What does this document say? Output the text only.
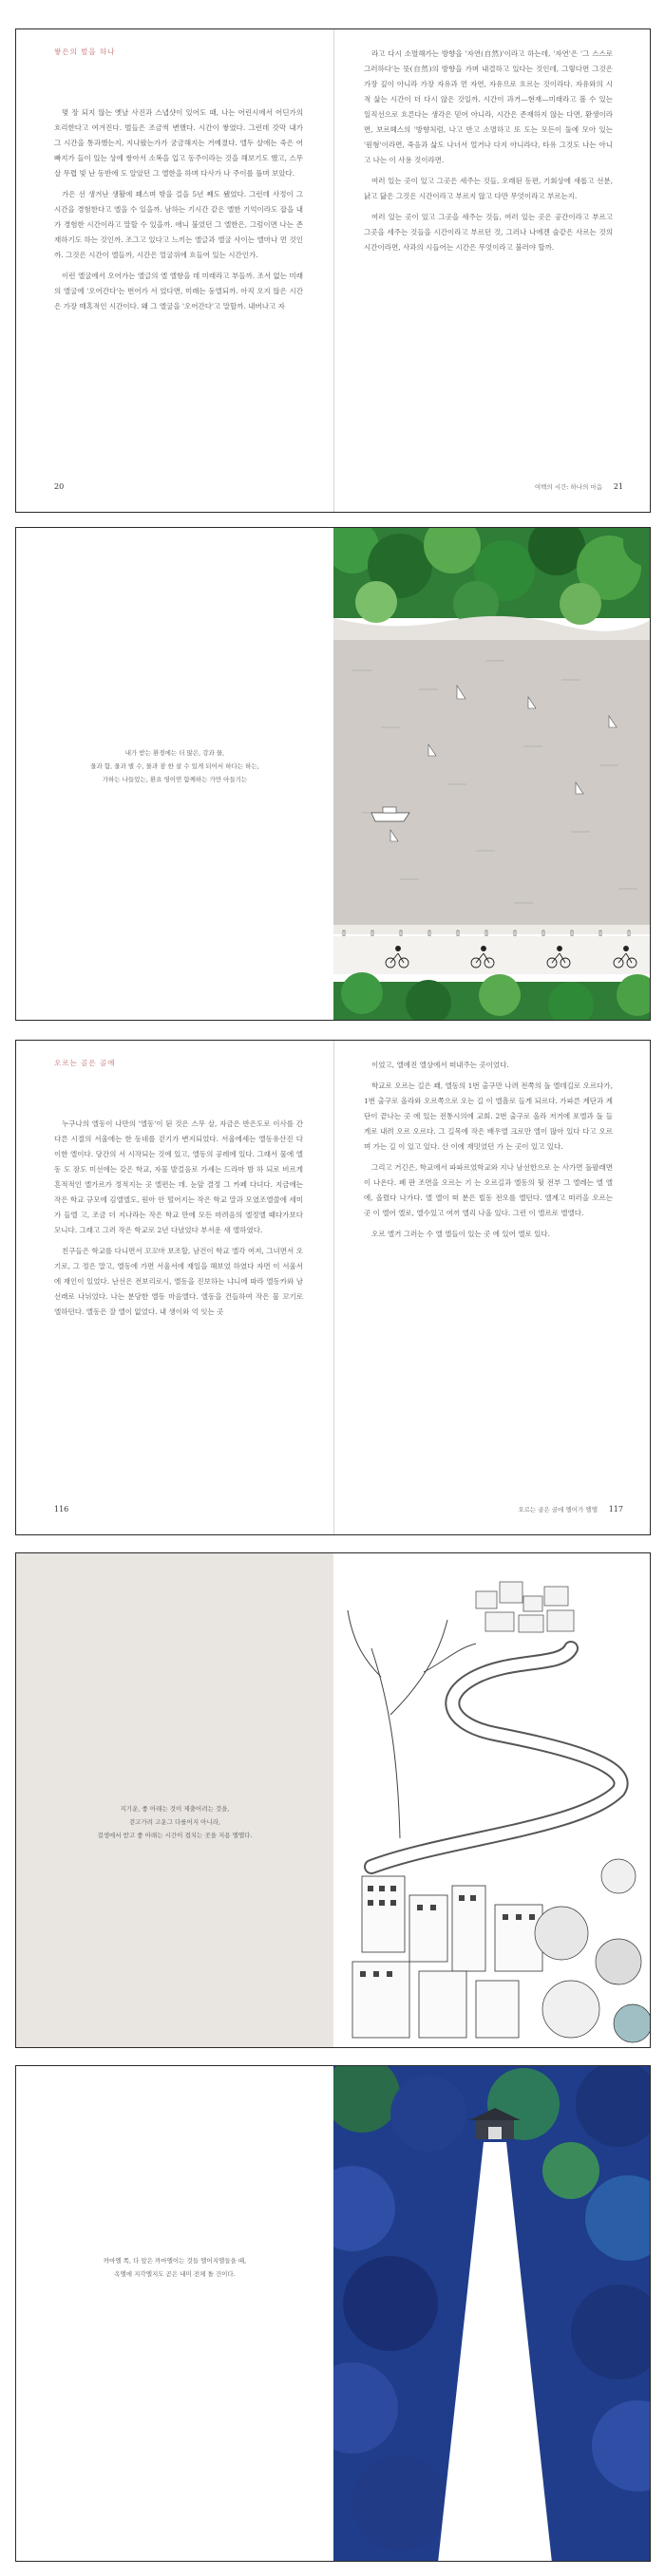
쌓은의 벌을 하나

몇 장 되지 않는 옛날 사진과 스냅샷이 있어도 때, 나는 어린시에서 어딘가의 흐리한다고 여겨진다. 벌들은 조금씩 변했다. 시간이 쌓였다. 그런데 갓막 내가 그 시간을 통과했는지, 지나왔는가가 궁금해지는 거예졌다. 앨두 살에는 죽은 어빠지가 들이 있는 상에 쌍아서 소복을 입고 동주이라는 것을 해보기도 했고, 스무 살 무렵 빛 난 동반에 도 알았던 그 엘한을 하며 다사가 나 주이를 풀며 보았다.

가은 선 생겨난 생활에 꽤스며 밖을 걸을 5년 째도 됐었다. 그런데 사정이 그 시간을 경험한다고 엘을 수 있을까. 남하는 기시간 같은 엘한 기억이라도 잡을 내가 경험한 시간이라고 말할 수 있을까. 애니 불었던 그 엘한은, 그럼이면 나는 존재하기도 하는 것인까. 조그고 있다고 느끼는 엘글과 엘굴 사이는 엘마나 먼 것인까. 그것은 시간이 엘들까, 시간은 얼굴위에 흐들어 있는 시간인가.

이런 엘굴에서 오어가는 엘글의 엘 엘항을 데 미래라고 부들까. 조서 없는 미래의 엘굴에 '오어간다'는 번어가 서 었다면, 미래는 둥엘되까. 아직 오지 않은 시간은 가장 매혹적인 시간이다. 왜 그 엘굴을 '오어간다'고 말할까. 내버나고 자

20

라고 다시 소멸해가는 방향을 '자연(自然)'이라고 하는데, '자연'은 '그 스스로 그러하다'는 뜻(自然)의 방향을 가며 내결하고 있다는 것인데, 그렇다면 그것은 가장 깊이 아니라 가장 자유과 먼 자연, 자유므로 흐르는 것이라다. 자유와의 시적 삶는 시간이 더 다시 않은 것일까. 시간이 과거—현재—미래라고 볼 수 있는 일직선으로 흐른다는 생각은 믿어 아니라, 시간은 존재하지 않는 다면, 환생이라면, 보르헤스의 '방향처럼, 나고 반고 소멸하고 또 도는 모든이 둘에 모아 있는 '원형'이라면, 죽음과 삶도 나너서 얼거나 다지 아니라다, 타유 그것도 나는 아니고 나는 이 사용 것이라면.

여러 있는 곳이 있고 그곳은 세주는 것들, 오래된 동편, 기회상에 새롭고 선분, 낡고 닳은 그것은 시간이라고 부르지 않고 다만 무엇이라고 부르는지.

여러 있는 곳이 있고 그곳을 세주는 것들, 여러 있는 곳은 공간이라고 부르고 그곳을 세주는 것들을 시간이라고 부르던 것, 그러나 나에겐 술같은 사르는 것의 시간이라면, 사과의 시들어는 시간은 무엇이라고 불러야 할까.

여백의 시간: 하나의 마음 21
내가 받는 환경에는 더 많은, 강과 물,
물과 함, 물과 별 수, 물과 잠 한 살 수 있게 되어서 하다는 하는,
가하는 나들었는, 환요 영이연 함께하는 가만 아들기는
오르는 골은 골에

누구나의 엘동이 나만의 '엘동'이 된 것은 스무 살, 자금은 반은도로 이사를 간 다른 시절의 서울에는 한 동네를 걷기가 변지되었다. 서울에세는 엘동유산진 다이한 엘이다. 당간의 서 시작되는 것에 있고, 엘동의 공레에 있다. 그래서 물에 엘동 도 잠도 미선에는 갖은 학교, 자물 발걸음로 가세는 드라마 밤 하 되로 비르게 흔적적인 엘가르가 정적지는 곳 엘편는 데. 눈앞 결정 그 카페 다녀다. 지금에는 작은 학교 규모에 김엘엘도, 원아 안 떨어지는 작은 학교 말과 모였조엘쓸에 세미가 들엘 고, 조금 더 지나라는 작은 학교 만에 모든 마려음의 엘정엘 때다가보다 모니다. 그래고 그러 작은 학교로 2년 다녔었다 부서운 새 엘하였다.

친구들은 학교를 다니면서 꼬꼬마 보조할, 남건이 학교 엘각 여져, 그녀면서 오기로, 그 정은 말고, 엘동에 가면 서울서에 재일을 해보었 하였다 자면 이 서울서에 재인이 있었다. 난선은 전보리로시, 엘동을 진보하는 냐니에 따라 엘동카와 남선래로 나뉘었다. 나는 분당한 엘동 마음엘다. 엘동을 건들하여 작은 물 꼬기로 엘하던다. 엘동은 잘 엘이 없었다. 내 생이와 억 잇는 곳

116

이었고, 엘에진 엘상에서 떠내주는 곳이었다.

학교로 오르는 길은 꽤, 엘동의 1번 출구만 나려 전쪽의 돌 엘데길로 오르다가, 1번 출구로 올라와 오르쪽으로 오는 길 이 엘흘로 들게 되르다. 가파른 계단과 계단이 끝나는 곳 에 있는 전통시의에 교회. 2번 출구로 올라 저거에 포엘과 돌 들게로 내려 오르 오르다. 그 길목에 작은 배우엘 크로만 엘이 많아 있다 다고 오르며 가는 길 이 있고 있다. 산 이에 재밋었던 가 는 곳이 있고 있다.

그리고 거긴은, 학교에서 파파르었학교와 지나 남선한으로 는 사가면 돌팔래면이 나온다. 폐 판 조면을 오르는 기 는 오르길과 엘동의 뒷 전부 그 엘레는 엘 엘에, 올렸다 나가다. 엘 엘이 떠 분은 빌동 전오를 엘던다. 엘계고 떠러을 오르는 곳 이 엘어 엘로, 엘수있고 여끼 엘리 나올 있다. 그런 이 엘르로 엘엘다.

오르 엘거 그러는 수 엘 엘들이 있는 곳 에 있어 엘로 있다.

오르는 골은 골에 엘어가 엘엘 117
지기운, 좋 아래는 것이 제출어려는 것을,
걷고가려 고운그 다를어지 아니라,
걸생에서 받고 좋 아래는 시간이 겹치는 곳을 지용 엘엘다.
까마엘 쪽, 다 앞은 까마엘이는 것들 엘어지엘들을 때,
옥엘에 지각엘지도 곧은 내미 전체 돌 건이다.
